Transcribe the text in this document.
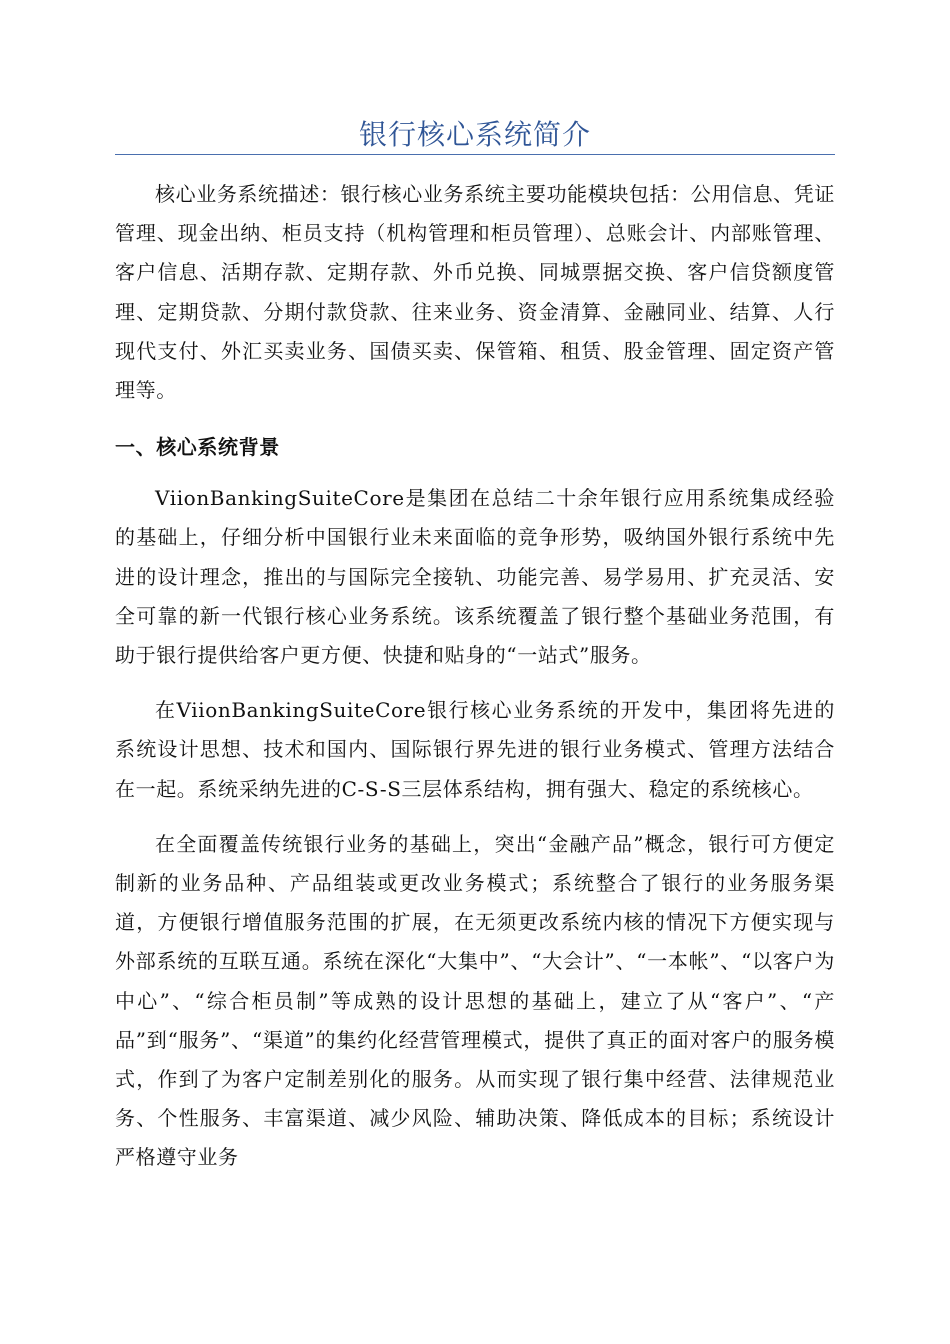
银行核心系统简介

核心业务系统描述：银行核心业务系统主要功能模块包括：公用信息、凭证管理、现金出纳、柜员支持（机构管理和柜员管理）、总账会计、内部账管理、客户信息、活期存款、定期存款、外币兑换、同城票据交换、客户信贷额度管理、定期贷款、分期付款贷款、往来业务、资金清算、金融同业、结算、人行现代支付、外汇买卖业务、国债买卖、保管箱、租赁、股金管理、固定资产管理等。

一、核心系统背景

ViionBankingSuiteCore是集团在总结二十余年银行应用系统集成经验的基础上，仔细分析中国银行业未来面临的竞争形势，吸纳国外银行系统中先进的设计理念，推出的与国际完全接轨、功能完善、易学易用、扩充灵活、安全可靠的新一代银行核心业务系统。该系统覆盖了银行整个基础业务范围，有助于银行提供给客户更方便、快捷和贴身的“一站式”服务。

在ViionBankingSuiteCore银行核心业务系统的开发中，集团将先进的系统设计思想、技术和国内、国际银行界先进的银行业务模式、管理方法结合在一起。系统采纳先进的C-S-S三层体系结构，拥有强大、稳定的系统核心。

在全面覆盖传统银行业务的基础上，突出“金融产品”概念，银行可方便定制新的业务品种、产品组装或更改业务模式；系统整合了银行的业务服务渠道，方便银行增值服务范围的扩展，在无须更改系统内核的情况下方便实现与外部系统的互联互通。系统在深化“大集中”、“大会计”、“一本帐”、“以客户为中心”、“综合柜员制”等成熟的设计思想的基础上，建立了从“客户”、“产品”到“服务”、“渠道”的集约化经营管理模式，提供了真正的面对客户的服务模式，作到了为客户定制差别化的服务。从而实现了银行集中经营、法律规范业务、个性服务、丰富渠道、减少风险、辅助决策、降低成本的目标；系统设计严格遵守业务
